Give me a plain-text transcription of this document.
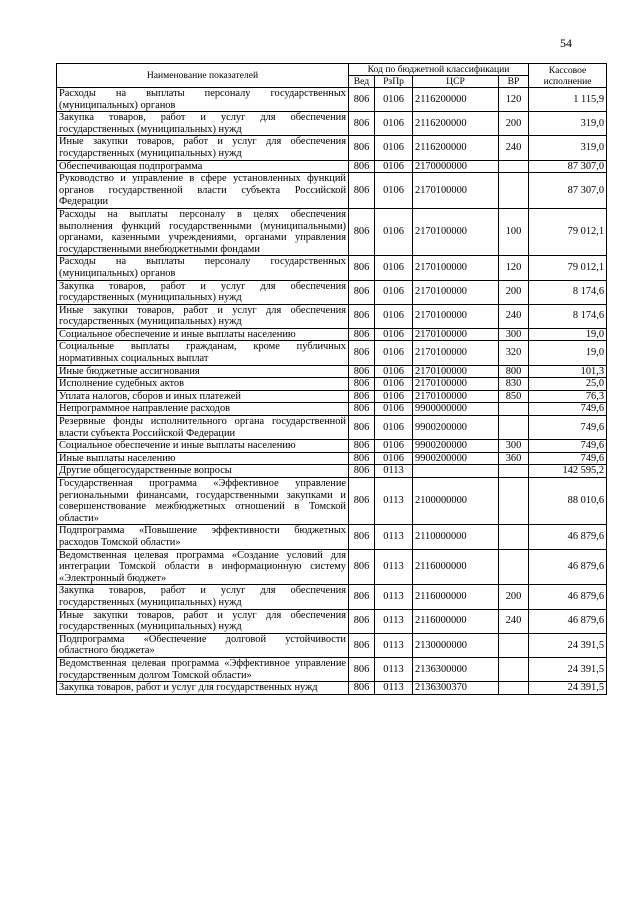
54
Наименование показателей	Код по бюджетной классификации				Кассовое исполнение
	Вед	РзПр	ЦСР	ВР	
Расходы на выплаты персоналу государственных (муниципальных) органов	806	0106	2116200000	120	1 115,9
Закупка товаров, работ и услуг для обеспечения государственных (муниципальных) нужд	806	0106	2116200000	200	319,0
Иные закупки товаров, работ и услуг для обеспечения государственных (муниципальных) нужд	806	0106	2116200000	240	319,0
Обеспечивающая подпрограмма	806	0106	2170000000		87 307,0
Руководство и управление в сфере установленных функций органов государственной власти субъекта Российской Федерации	806	0106	2170100000		87 307,0
Расходы на выплаты персоналу в целях обеспечения выполнения функций государственными (муниципальными) органами, казенными учреждениями, органами управления государственными внебюджетными фондами	806	0106	2170100000	100	79 012,1
Расходы на выплаты персоналу государственных (муниципальных) органов	806	0106	2170100000	120	79 012,1
Закупка товаров, работ и услуг для обеспечения государственных (муниципальных) нужд	806	0106	2170100000	200	8 174,6
Иные закупки товаров, работ и услуг для обеспечения государственных (муниципальных) нужд	806	0106	2170100000	240	8 174,6
Социальное обеспечение и иные выплаты населению	806	0106	2170100000	300	19,0
Социальные выплаты гражданам, кроме публичных нормативных социальных выплат	806	0106	2170100000	320	19,0
Иные бюджетные ассигнования	806	0106	2170100000	800	101,3
Исполнение судебных актов	806	0106	2170100000	830	25,0
Уплата налогов, сборов и иных платежей	806	0106	2170100000	850	76,3
Непрограммное направление расходов	806	0106	9900000000		749,6
Резервные фонды исполнительного органа государственной власти субъекта Российской Федерации	806	0106	9900200000		749,6
Социальное обеспечение и иные выплаты населению	806	0106	9900200000	300	749,6
Иные выплаты населению	806	0106	9900200000	360	749,6
Другие общегосударственные вопросы	806	0113			142 595,2
Государственная программа «Эффективное управление региональными финансами, государственными закупками и совершенствование межбюджетных отношений в Томской области»	806	0113	2100000000		88 010,6
Подпрограмма «Повышение эффективности бюджетных расходов Томской области»	806	0113	2110000000		46 879,6
Ведомственная целевая программа «Создание условий для интеграции Томской области в информационную систему «Электронный бюджет»	806	0113	2116000000		46 879,6
Закупка товаров, работ и услуг для обеспечения государственных (муниципальных) нужд	806	0113	2116000000	200	46 879,6
Иные закупки товаров, работ и услуг для обеспечения государственных (муниципальных) нужд	806	0113	2116000000	240	46 879,6
Подпрограмма «Обеспечение долговой устойчивости областного бюджета»	806	0113	2130000000		24 391,5
Ведомственная целевая программа «Эффективное управление государственным долгом Томской области»	806	0113	2136300000		24 391,5
Закупка товаров, работ и услуг для государственных нужд	806	0113	2136300370		24 391,5
